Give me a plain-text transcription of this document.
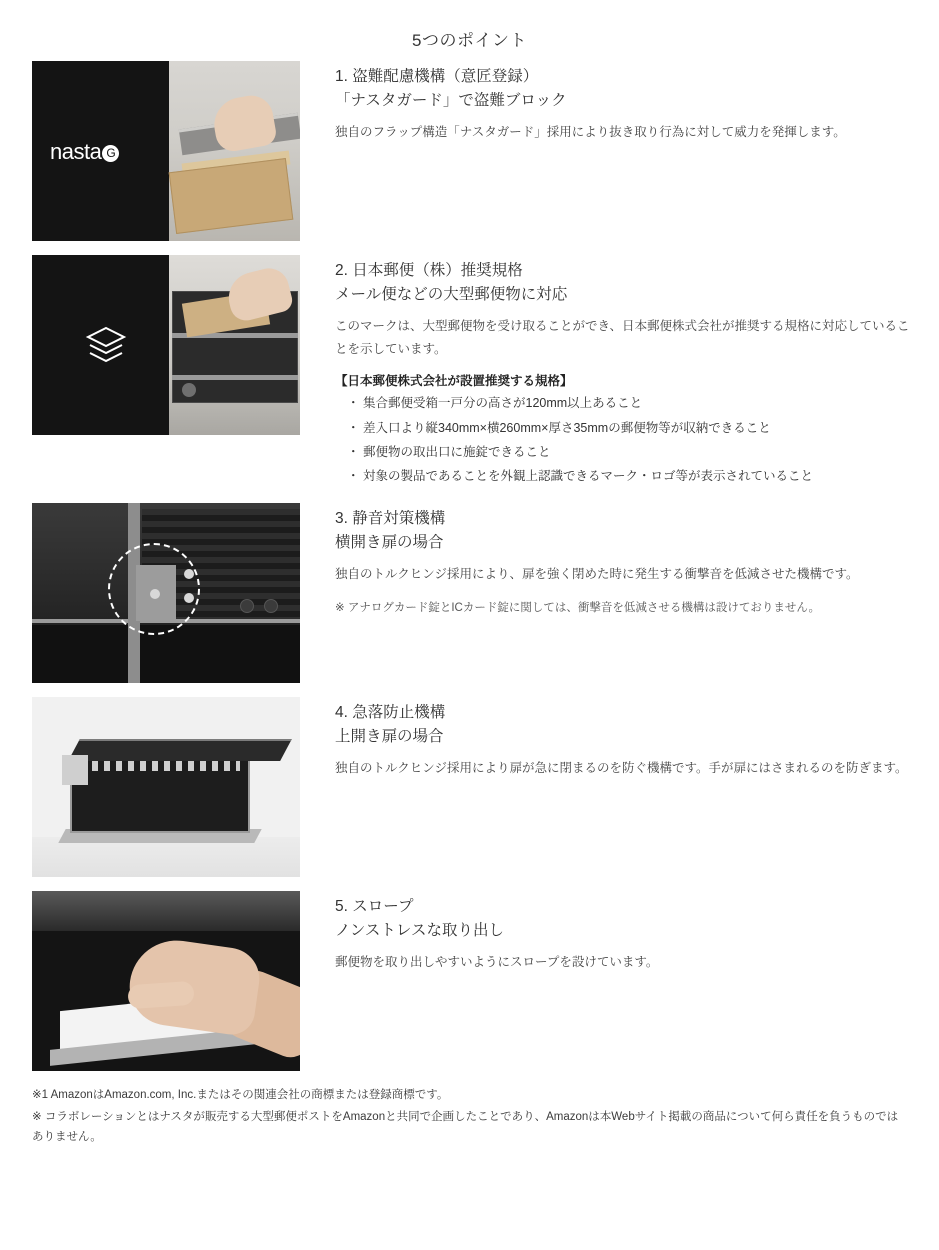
5つのポイント
nasta G
1. 盗難配慮機構（意匠登録）
「ナスタガード」で盗難ブロック

独自のフラップ構造「ナスタガード」採用により抜き取り行為に対して威力を発揮します。

2. 日本郵便（株）推奨規格
メール便などの大型郵便物に対応

このマークは、大型郵便物を受け取ることができ、日本郵便株式会社が推奨する規格に対応していることを示しています。

【日本郵便株式会社が設置推奨する規格】
・ 集合郵便受箱一戸分の高さが120mm以上あること
・ 差入口より縦340mm×横260mm×厚さ35mmの郵便物等が収納できること
・ 郵便物の取出口に施錠できること
・ 対象の製品であることを外観上認識できるマーク・ロゴ等が表示されていること
3. 静音対策機構
横開き扉の場合

独自のトルクヒンジ採用により、扉を強く閉めた時に発生する衝撃音を低減させた機構です。

※ アナログカード錠とICカード錠に関しては、衝撃音を低減させる機構は設けておりません。
4. 急落防止機構
上開き扉の場合

独自のトルクヒンジ採用により扉が急に閉まるのを防ぐ機構です。手が扉にはさまれるのを防ぎます。

5. スロープ
ノンストレスな取り出し

郵便物を取り出しやすいようにスロープを設けています。

※1 AmazonはAmazon.com, Inc.またはその関連会社の商標または登録商標です。

※ コラボレーションとはナスタが販売する大型郵便ポストをAmazonと共同で企画したことであり、Amazonは本Webサイト掲載の商品について何ら責任を負うものではありません。
